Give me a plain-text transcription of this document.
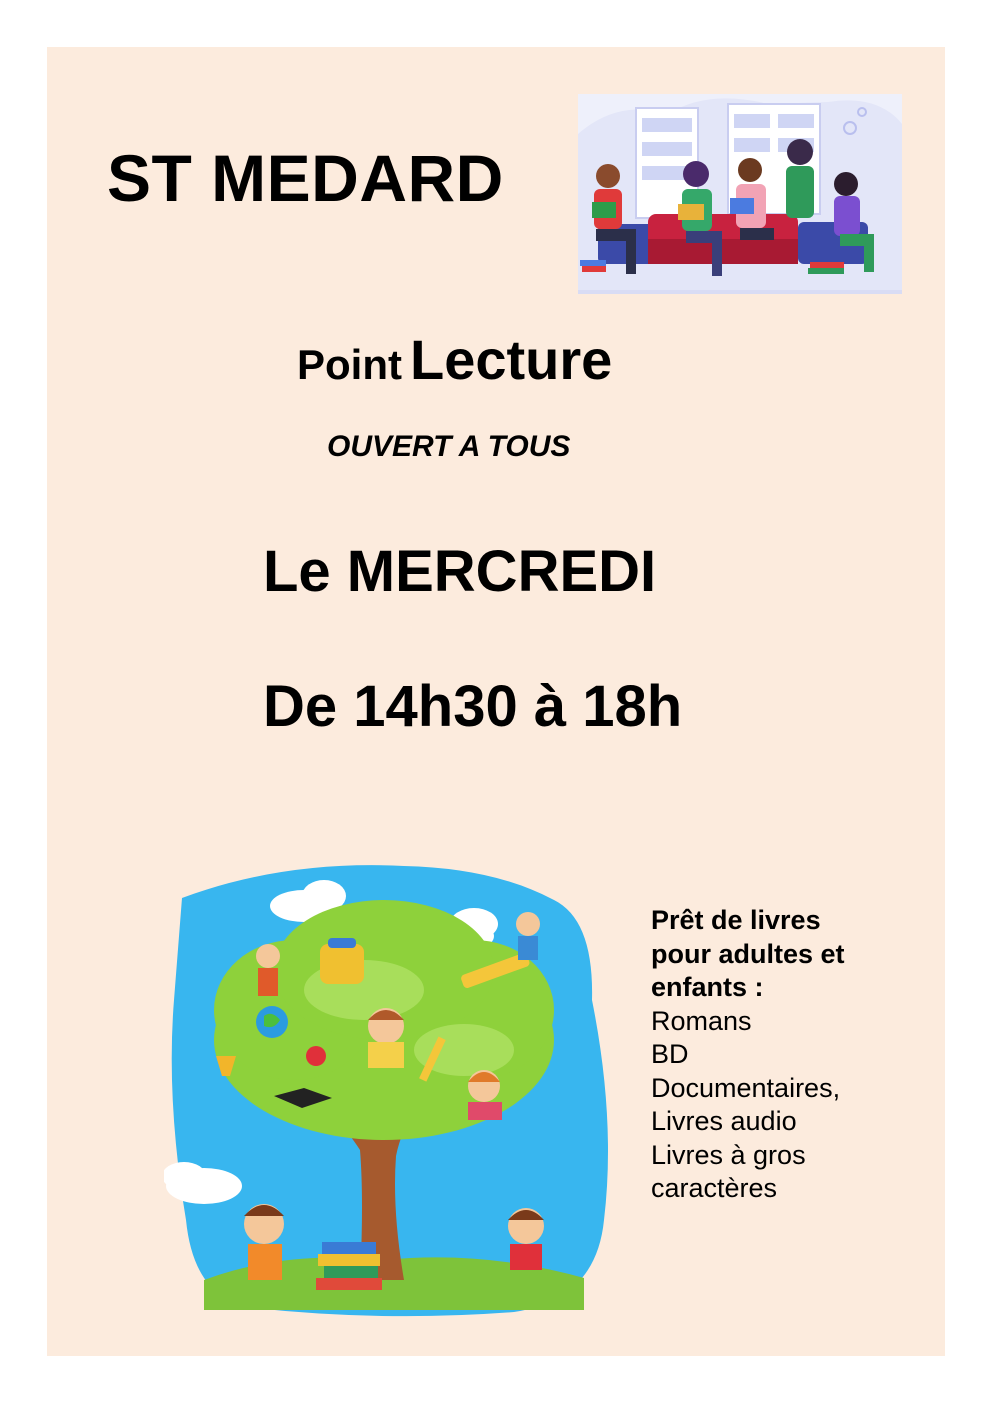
ST MEDARD
Point Lecture
OUVERT A TOUS
Le MERCREDI
De 14h30 à 18h
Prêt de livres
pour adultes et
enfants :
Romans
BD
Documentaires,
Livres audio
Livres à gros
caractères
